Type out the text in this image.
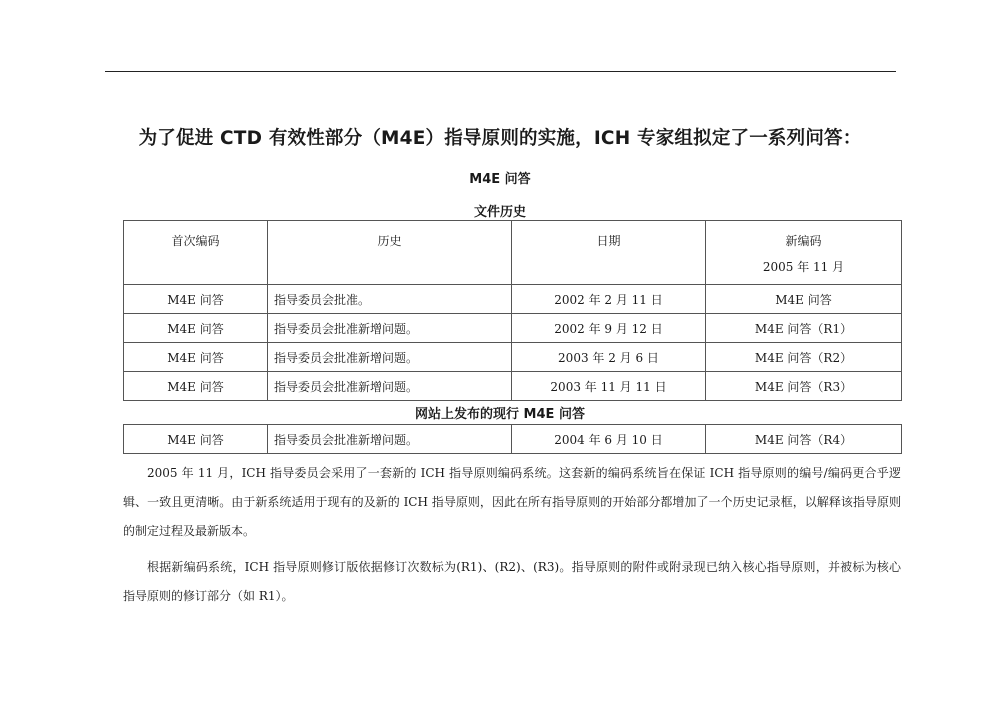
为了促进 CTD 有效性部分（M4E）指导原则的实施，ICH 专家组拟定了一系列问答：
M4E 问答
文件历史
首次编码	历史	日期	新编码
2005 年 11 月

M4E 问答	指导委员会批准。	2002 年 2 月 11 日	M4E 问答
M4E 问答	指导委员会批准新增问题。	2002 年 9 月 12 日	M4E 问答（R1）
M4E 问答	指导委员会批准新增问题。	2003 年 2 月 6 日	M4E 问答（R2）
M4E 问答	指导委员会批准新增问题。	2003 年 11 月 11 日	M4E 问答（R3）
网站上发布的现行 M4E 问答
M4E 问答	指导委员会批准新增问题。	2004 年 6 月 10 日	M4E 问答（R4）

2005 年 11 月，ICH 指导委员会采用了一套新的 ICH 指导原则编码系统。这套新的编码系统旨在保证 ICH 指导原则的编号/编码更合乎逻辑、一致且更清晰。由于新系统适用于现有的及新的 ICH 指导原则，因此在所有指导原则的开始部分都增加了一个历史记录框，以解释该指导原则的制定过程及最新版本。

根据新编码系统，ICH 指导原则修订版依据修订次数标为(R1)、(R2)、(R3)。指导原则的附件或附录现已纳入核心指导原则，并被标为核心指导原则的修订部分（如 R1）。
